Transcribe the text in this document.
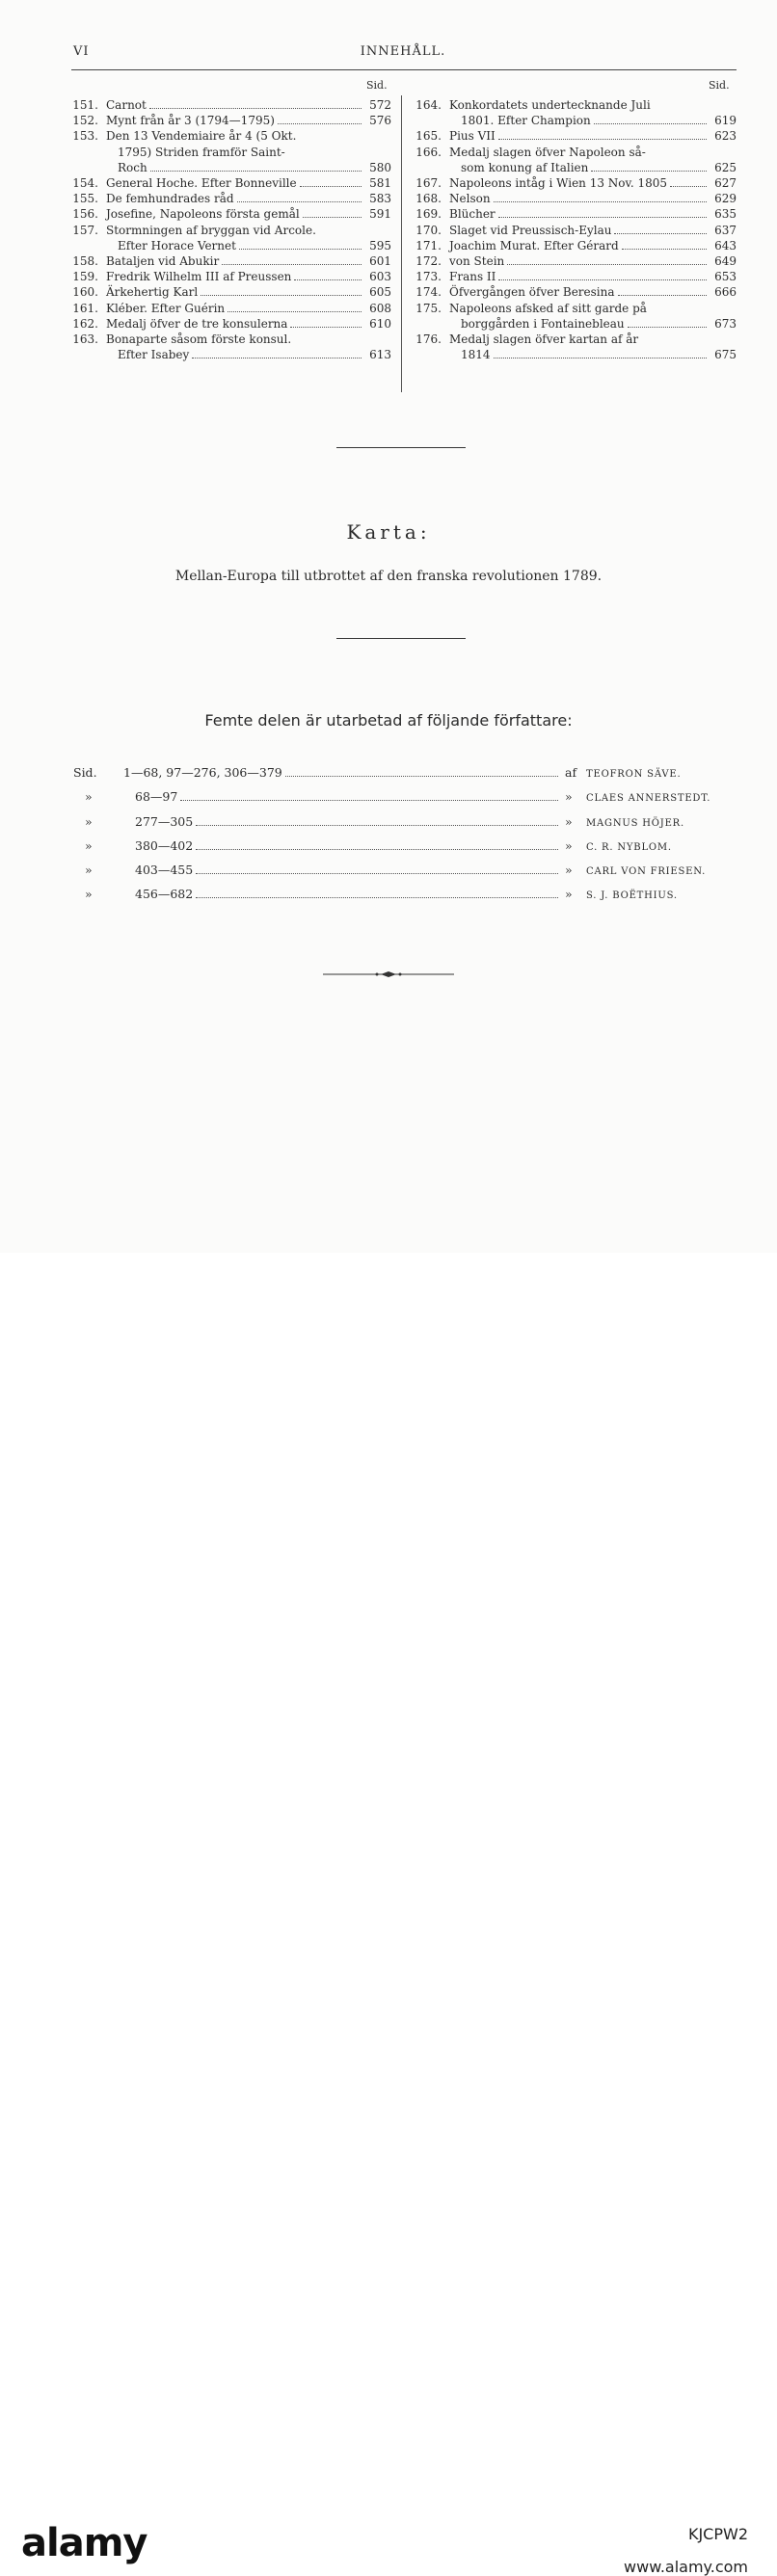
VI	INNEHÅLL.
Sid.	Sid.
151. Carnot	572
152. Mynt från år 3 (1794—1795)	576
153. Den 13 Vendemiaire år 4 (5 Okt.
1795) Striden framför Saint-
Roch	580
154. General Hoche. Efter Bonneville	581
155. De femhundrades råd	583
156. Josefine, Napoleons första gemål	591
157. Stormningen af bryggan vid Arcole.
Efter Horace Vernet	595
158. Bataljen vid Abukir	601
159. Fredrik Wilhelm III af Preussen	603
160. Ärkehertig Karl	605
161. Kléber. Efter Guérin	608
162. Medalj öfver de tre konsulerna	610
163. Bonaparte såsom förste konsul.
Efter Isabey	613
164. Konkordatets undertecknande Juli
1801. Efter Champion	619
165. Pius VII	623
166. Medalj slagen öfver Napoleon så-
som konung af Italien	625
167. Napoleons intåg i Wien 13 Nov. 1805	627
168. Nelson	629
169. Blücher	635
170. Slaget vid Preussisch-Eylau	637
171. Joachim Murat. Efter Gérard	643
172. von Stein	649
173. Frans II	653
174. Öfvergången öfver Beresina	666
175. Napoleons afsked af sitt garde på
borggården i Fontainebleau	673
176. Medalj slagen öfver kartan af år
1814	675
Karta:
Mellan-Europa till utbrottet af den franska revolutionen 1789.
Femte delen är utarbetad af följande författare:
Sid.	1—68, 97—276, 306—379	af TEOFRON SÄVE.
»	68—97	»	CLAES ANNERSTEDT.
»	277—305	»	MAGNUS HÖJER.
»	380—402	»	C. R. NYBLOM.
»	403—455	»	CARL VON FRIESEN.
»	456—682	»	S. J. BOËTHIUS.
alamy	KJCPW2
www.alamy.com
